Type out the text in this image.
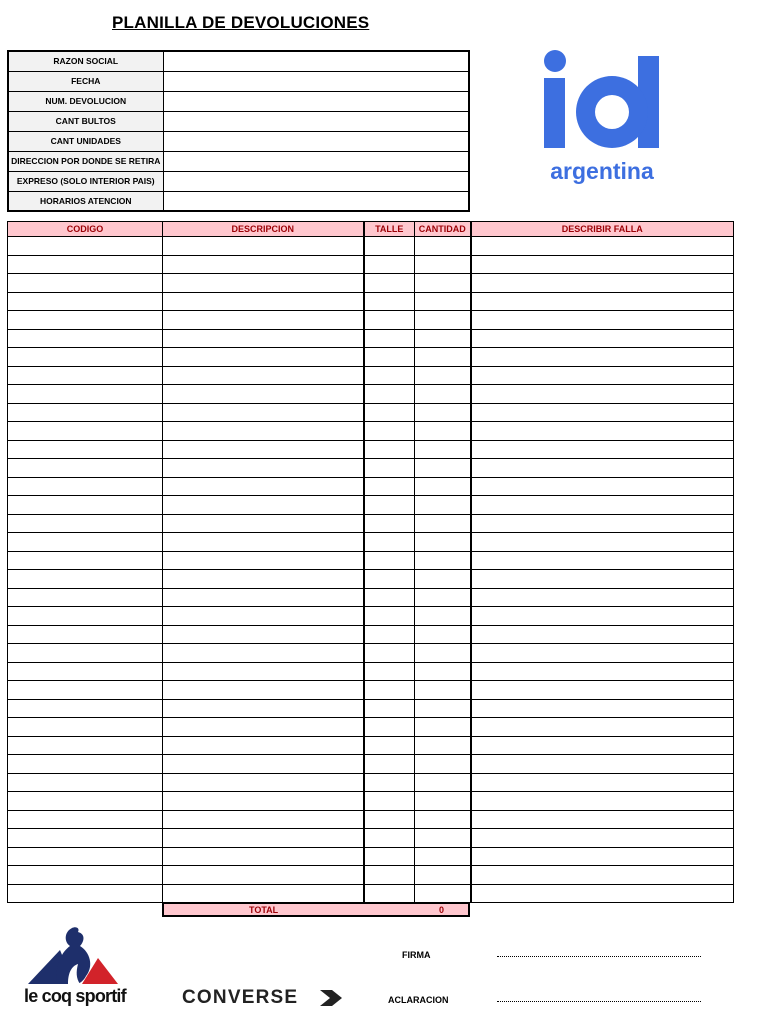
PLANILLA DE DEVOLUCIONES
RAZON SOCIAL	
FECHA	
NUM. DEVOLUCION	
CANT BULTOS	
CANT UNIDADES	
DIRECCION POR DONDE SE RETIRA	
EXPRESO (SOLO INTERIOR PAIS)	
HORARIOS ATENCION	
argentina
CODIGO	DESCRIPCION	TALLE	CANTIDAD	DESCRIBIR FALLA

TOTAL	0
FIRMA
ACLARACION
le coq sportif	CONVERSE
